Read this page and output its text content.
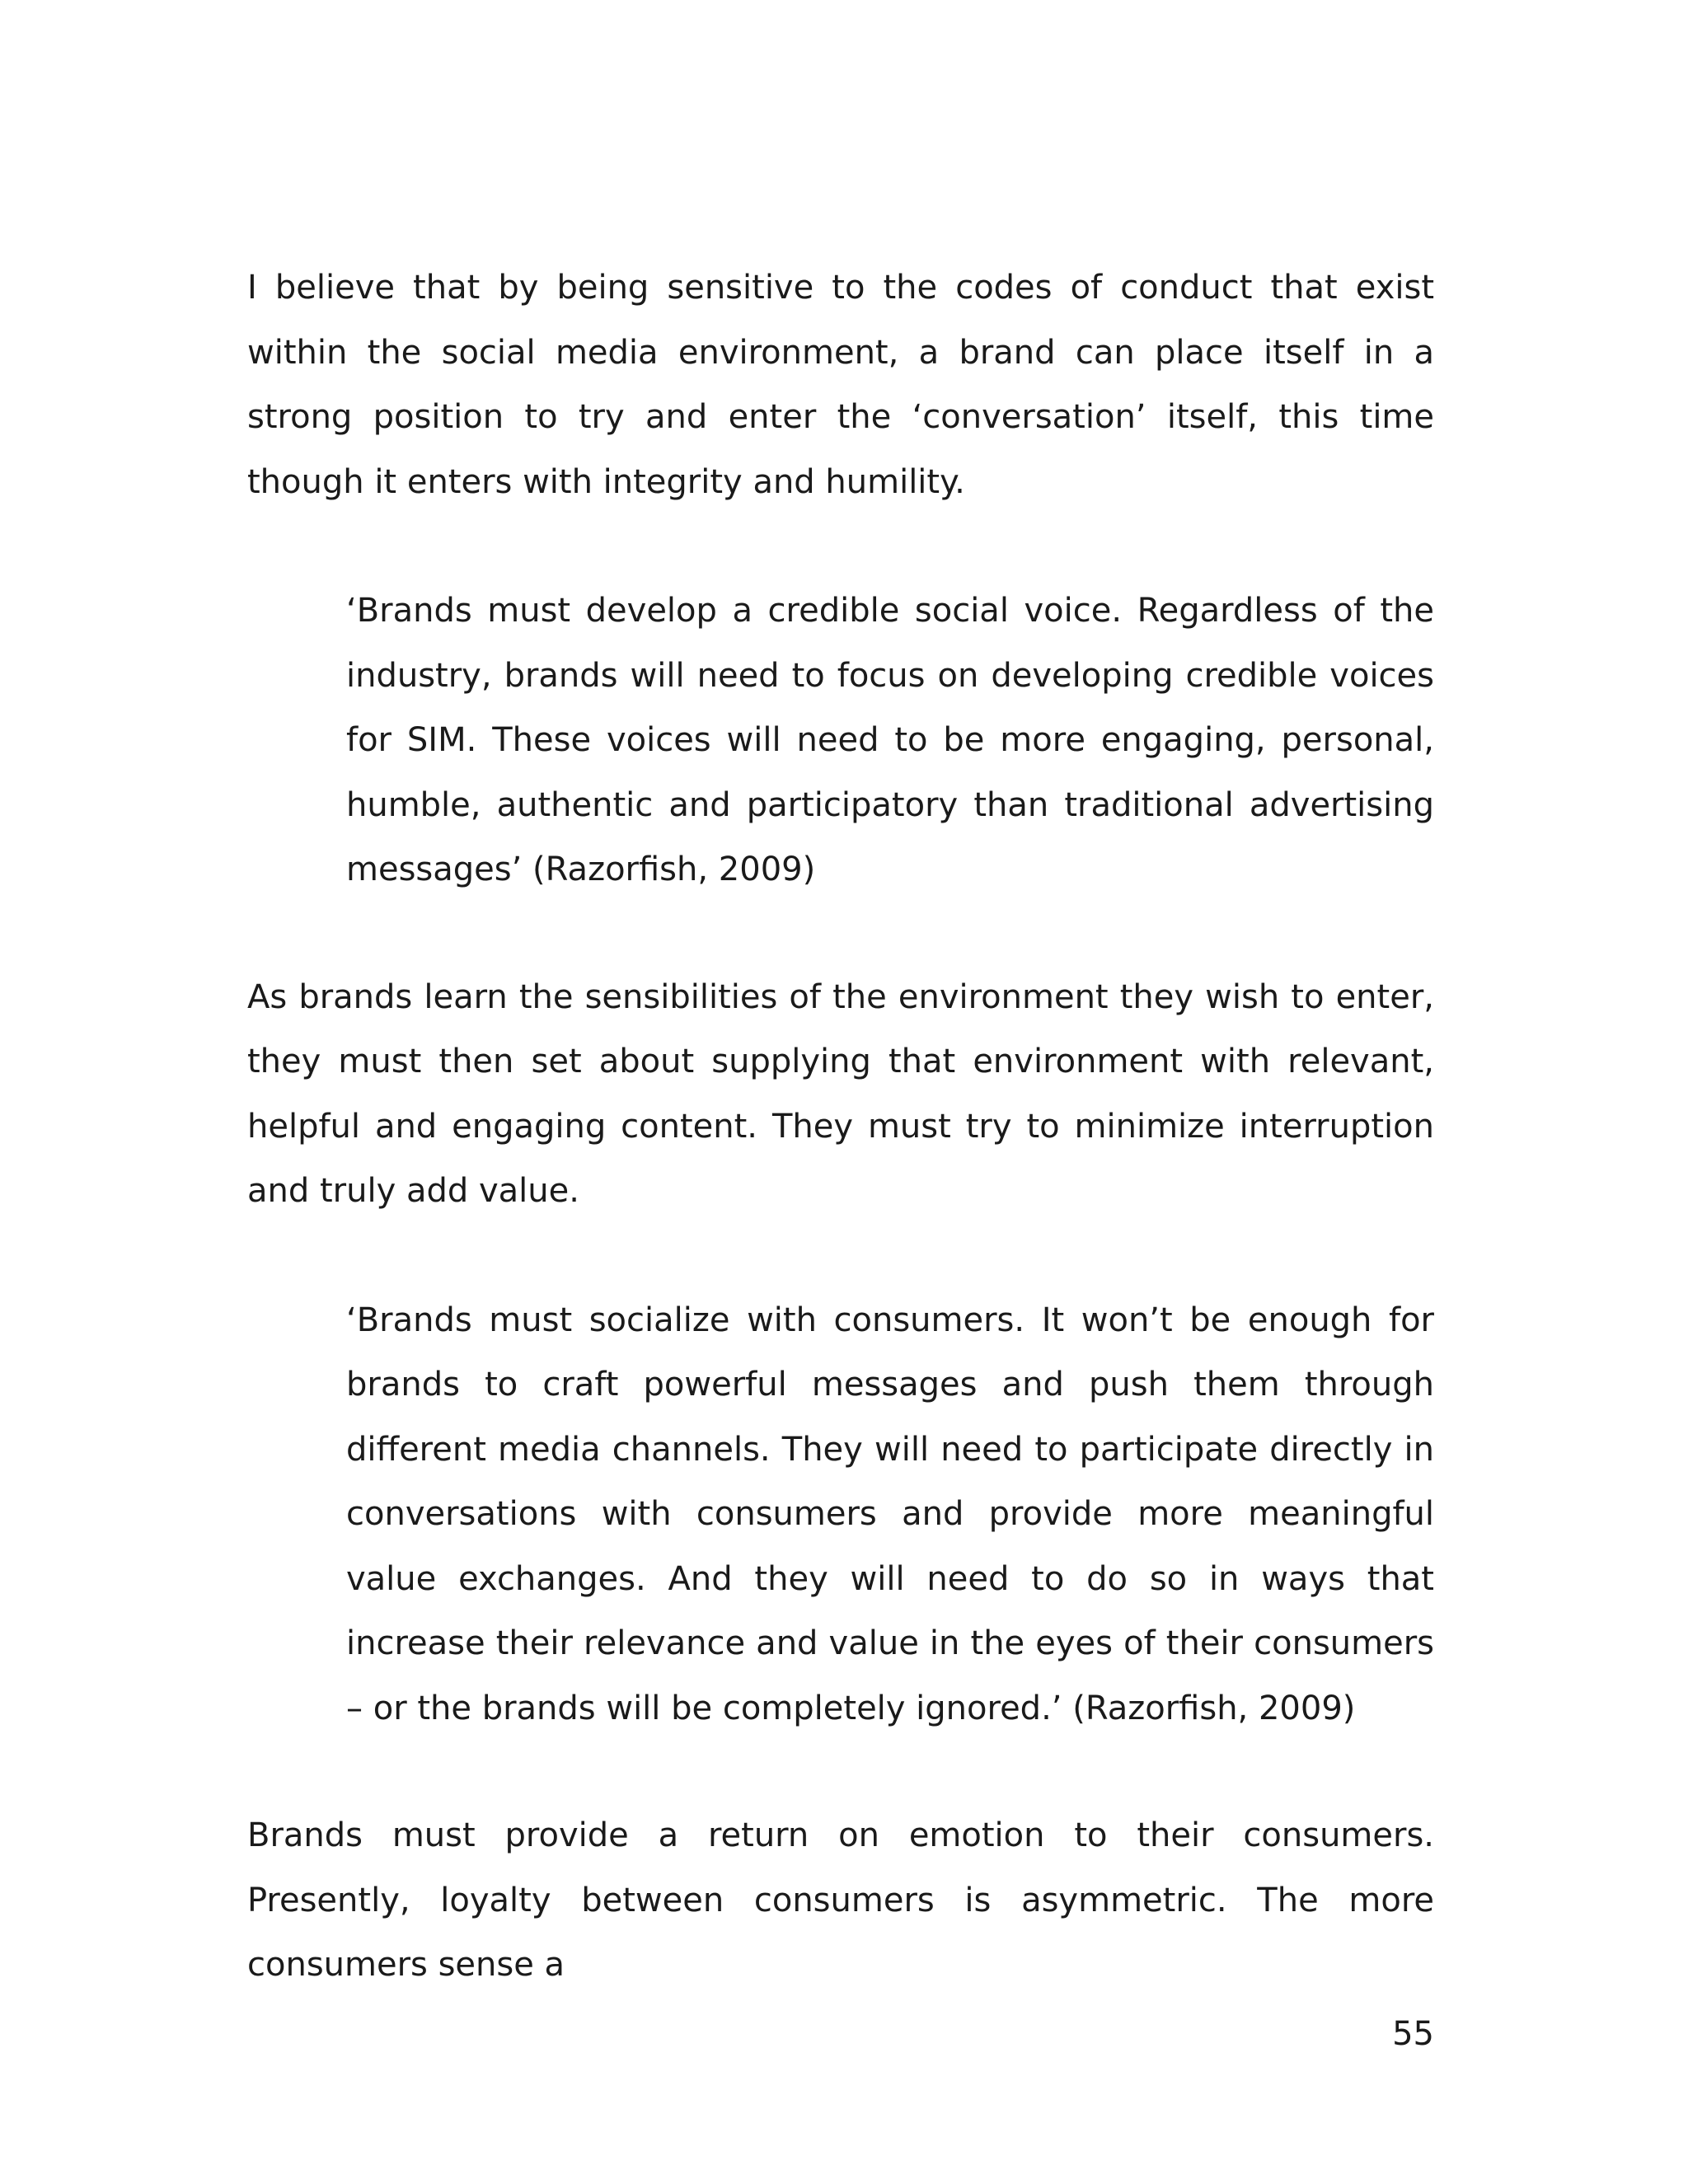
I believe that by being sensitive to the codes of conduct that exist within the social media environment, a brand can place itself in a strong position to try and enter the ‘conversation’ itself, this time though it enters with integrity and humility.

‘Brands must develop a credible social voice. Regardless of the industry, brands will need to focus on developing credible voices for SIM. These voices will need to be more engaging, personal, humble, authentic and participatory than traditional advertising messages’ (Razorfish, 2009)

As brands learn the sensibilities of the environment they wish to enter, they must then set about supplying that environment with relevant, helpful and engaging content. They must try to minimize interruption and truly add value.

‘Brands must socialize with consumers. It won’t be enough for brands to craft powerful messages and push them through different media channels. They will need to participate directly in conversations with consumers and provide more meaningful value exchanges. And they will need to do so in ways that increase their relevance and value in the eyes of their consumers – or the brands will be completely ignored.’ (Razorfish, 2009)

Brands must provide a return on emotion to their consumers. Presently, loyalty between consumers is asymmetric. The more consumers sense a

55
